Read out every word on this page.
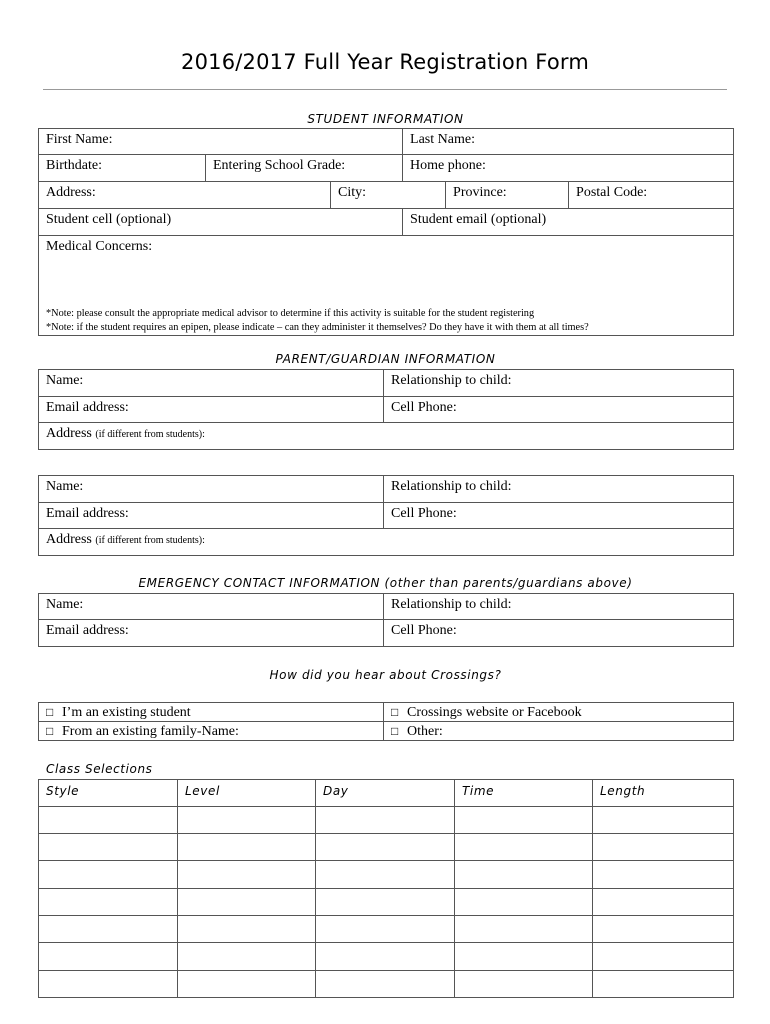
2016/2017 Full Year Registration Form
STUDENT INFORMATION
First Name:			Last Name:		
Birthdate:	Entering School Grade:		Home phone:		
Address:		City:		Province:	Postal Code:
Student cell (optional)			Student email (optional)		

Medical Concerns:
*Note: please consult the appropriate medical advisor to determine if this activity is suitable for the student registering
*Note: if the student requires an epipen, please indicate – can they administer it themselves? Do they have it with them at all times?					
PARENT/GUARDIAN INFORMATION
Name:	Relationship to child:
Email address:	Cell Phone:
Address (if different from students):	
Name:	Relationship to child:
Email address:	Cell Phone:
Address (if different from students):	
EMERGENCY CONTACT INFORMATION (other than parents/guardians above)
Name:	Relationship to child:
Email address:	Cell Phone:
How did you hear about Crossings?
□ I’m an existing student	□ Crossings website or Facebook
□ From an existing family-Name:	□ Other:
Class Selections
Style	Level	Day	Time	Length
